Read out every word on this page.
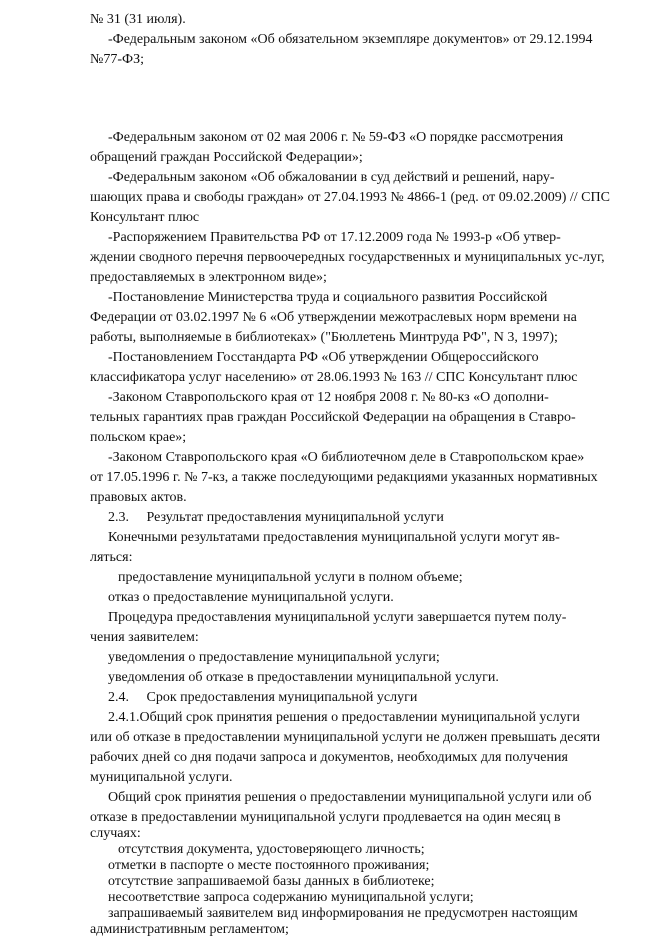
№ 31 (31 июля).
-Федеральным законом «Об обязательном экземпляре документов» от 29.12.1994
№77-ФЗ;
-Федеральным законом от 02 мая 2006 г. № 59-ФЗ «О порядке рассмотрения
обращений граждан Российской Федерации»;
-Федеральным законом «Об обжаловании в суд действий и решений, нару-
шающих права и свободы граждан» от 27.04.1993 № 4866-1 (ред. от 09.02.2009) // СПС
Консультант плюс
-Распоряжением Правительства РФ от 17.12.2009 года № 1993-р «Об утвер-
ждении сводного перечня первоочередных государственных и муниципальных ус-луг,
предоставляемых в электронном виде»;
-Постановление Министерства труда и социального развития Российской
Федерации от 03.02.1997 № 6 «Об утверждении межотраслевых норм времени на
работы, выполняемые в библиотеках» ("Бюллетень Минтруда РФ", N 3, 1997);
-Постановлением Госстандарта РФ «Об утверждении Общероссийского
классификатора услуг населению» от 28.06.1993 № 163 // СПС Консультант плюс
-Законом Ставропольского края от 12 ноября 2008 г. № 80-кз «О дополни-
тельных гарантиях прав граждан Российской Федерации на обращения в Ставро-
польском крае»;
-Законом Ставропольского края «О библиотечном деле в Ставропольском крае»
от 17.05.1996 г. № 7-кз, а также последующими редакциями указанных нормативных
правовых актов.
2.3.     Результат предоставления муниципальной услуги
Конечными результатами предоставления муниципальной услуги могут яв-
ляться:
предоставление муниципальной услуги в полном объеме;
отказ о предоставление муниципальной услуги.
Процедура предоставления муниципальной услуги завершается путем полу-
чения заявителем:
уведомления о предоставление муниципальной услуги;
уведомления об отказе в предоставлении муниципальной услуги.
2.4.     Срок предоставления муниципальной услуги
2.4.1.Общий срок принятия решения о предоставлении муниципальной услуги
или об отказе в предоставлении муниципальной услуги не должен превышать десяти
рабочих дней со дня подачи запроса и документов, необходимых для получения
муниципальной услуги.
Общий срок принятия решения о предоставлении муниципальной услуги или об
отказе в предоставлении муниципальной услуги продлевается на один месяц в
случаях:
отсутствия документа, удостоверяющего личность;
отметки в паспорте о месте постоянного проживания;
отсутствие запрашиваемой базы данных в библиотеке;
несоответствие запроса содержанию муниципальной услуги;
запрашиваемый заявителем вид информирования не предусмотрен настоящим
административным регламентом;
